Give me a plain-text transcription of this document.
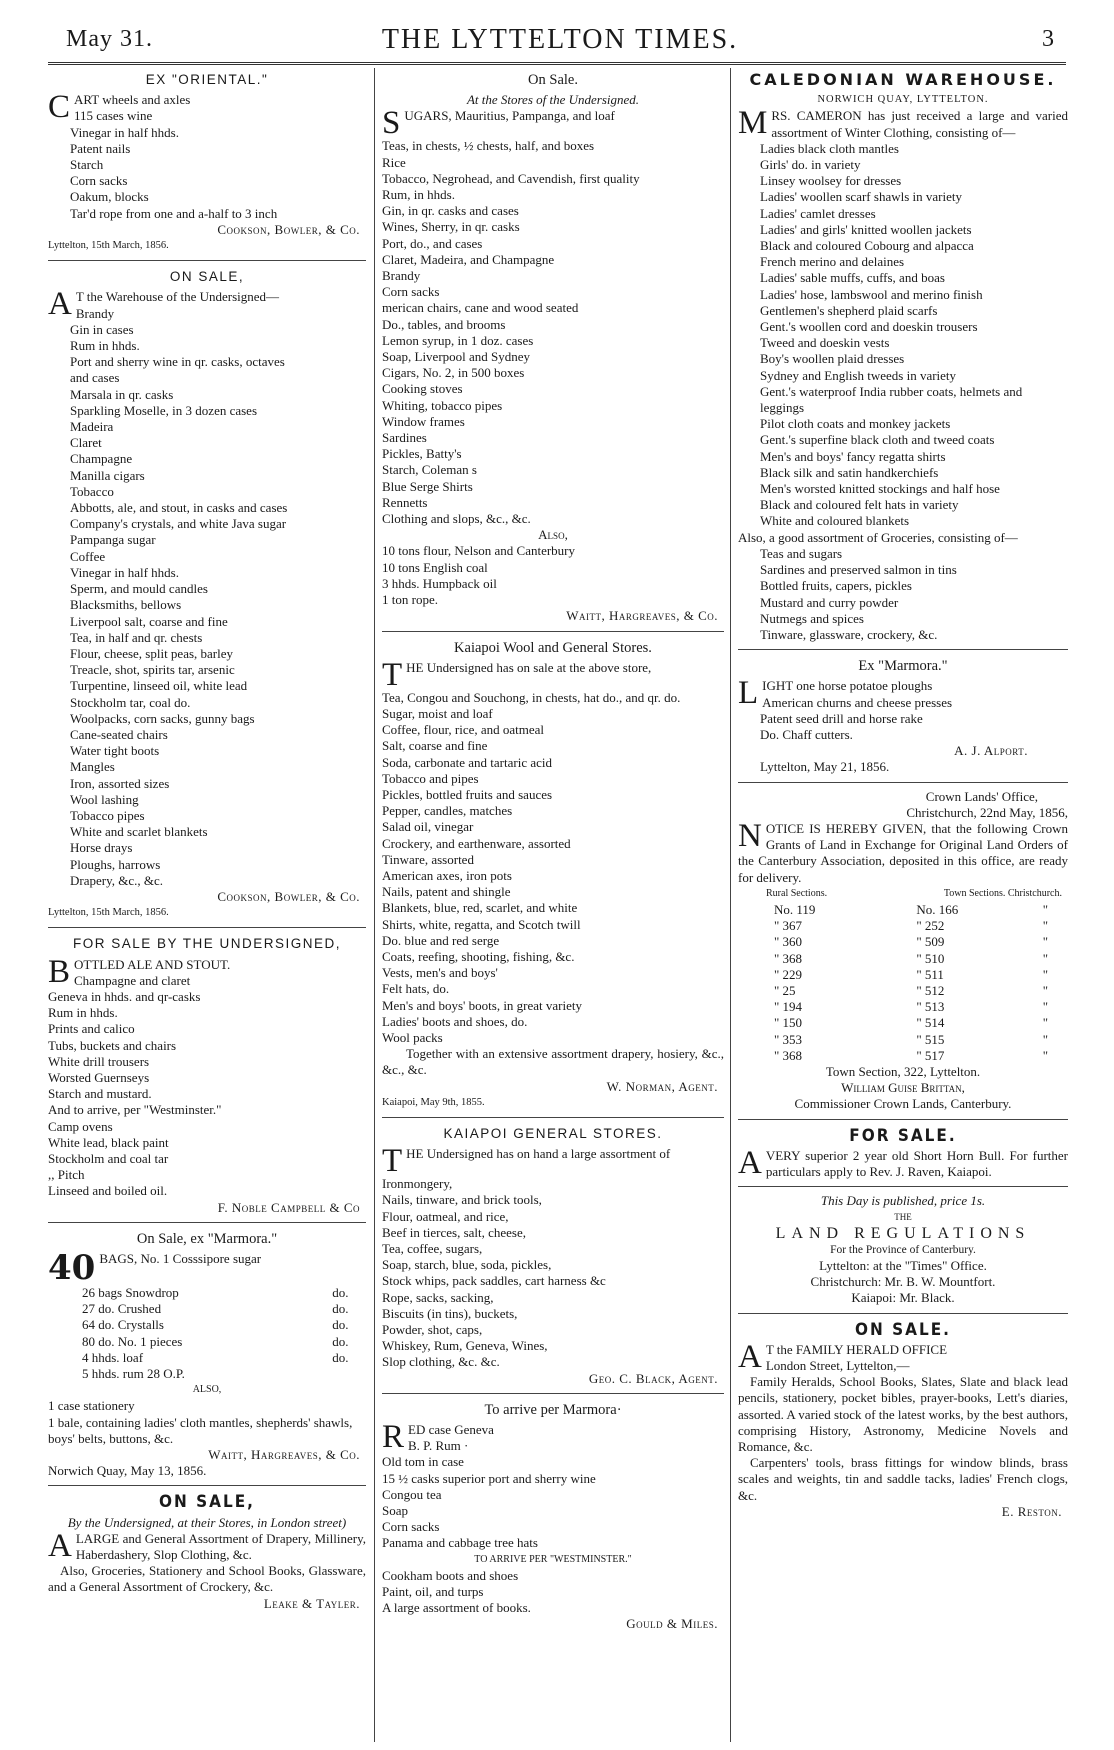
May 31.	THE LYTTELTON TIMES.	3
EX "ORIENTAL."
CART wheels and axles
115 cases wine
Vinegar in half hhds.
Patent nails
Starch
Corn sacks
Oakum, blocks
Tar'd rope from one and a-half to 3 inch
Cookson, Bowler, & Co.
Lyttelton, 15th March, 1856.
ON SALE,
A T the Warehouse of the Undersigned—
Brandy
Gin in cases
Rum in hhds.
Port and sherry wine in qr. casks, octaves
and cases
Marsala in qr. casks
Sparkling Moselle, in 3 dozen cases
Madeira
Claret
Champagne
Manilla cigars
Tobacco
Abbotts, ale, and stout, in casks and cases
Company's crystals, and white Java sugar
Pampanga sugar
Coffee
Vinegar in half hhds.
Sperm, and mould candles
Blacksmiths, bellows
Liverpool salt, coarse and fine
Tea, in half and qr. chests
Flour, cheese, split peas, barley
Treacle, shot, spirits tar, arsenic
Turpentine, linseed oil, white lead
Stockholm tar, coal do.
Woolpacks, corn sacks, gunny bags
Cane-seated chairs
Water tight boots
Mangles
Iron, assorted sizes
Wool lashing
Tobacco pipes
White and scarlet blankets
Horse drays
Ploughs, harrows
Drapery, &c., &c.
Cookson, Bowler, & Co.
Lyttelton, 15th March, 1856.
FOR SALE BY THE UNDERSIGNED,
BOTTLED ALE AND STOUT.
Champagne and claret
Geneva in hhds. and qr-casks
Rum in hhds.
Prints and calico
Tubs, buckets and chairs
White drill trousers
Worsted Guernseys
Starch and mustard.
And to arrive, per "Westminster."
Camp ovens
White lead, black paint
Stockholm and coal tar
,, Pitch
Linseed and boiled oil.
F. Noble Campbell & Co
On Sale, ex "Marmora."
40 BAGS, No. 1 Cosssipore sugar
26 bags Snowdrop	do.
27 do. Crushed	do.
64 do. Crystalls	do.
80 do. No. 1 pieces	do.
4 hhds. loaf	do.
5 hhds. rum 28 O.P.	
ALSO,
1 case stationery
1 bale, containing ladies' cloth mantles, shepherds' shawls, boys' belts, buttons, &c.
Waitt, Hargreaves, & Co.
Norwich Quay, May 13, 1856.
ON SALE,
By the Undersigned, at their Stores, in London street)
ALARGE and General Assortment of Drapery, Millinery, Haberdashery, Slop Clothing, &c.
Also, Groceries, Stationery and School Books, Glassware, and a General Assortment of Crockery, &c.
Leake & Tayler.
On Sale.
At the Stores of the Undersigned.
SUGARS, Mauritius, Pampanga, and loaf
Teas, in chests, ½ chests, half, and boxes
Rice
Tobacco, Negrohead, and Cavendish, first quality
Rum, in hhds.
Gin, in qr. casks and cases
Wines, Sherry, in qr. casks
Port, do., and cases
Claret, Madeira, and Champagne
Brandy
Corn sacks
merican chairs, cane and wood seated
Do., tables, and brooms
Lemon syrup, in 1 doz. cases
Soap, Liverpool and Sydney
Cigars, No. 2, in 500 boxes
Cooking stoves
Whiting, tobacco pipes
Window frames
Sardines
Pickles, Batty's
Starch, Coleman s
Blue Serge Shirts
Rennetts
Clothing and slops, &c., &c.
Also,
10 tons flour, Nelson and Canterbury
10 tons English coal
3 hhds. Humpback oil
1 ton rope.
Waitt, Hargreaves, & Co.
Kaiapoi Wool and General Stores.
THE Undersigned has on sale at the above store,
Tea, Congou and Souchong, in chests, hat do., and qr. do.
Sugar, moist and loaf
Coffee, flour, rice, and oatmeal
Salt, coarse and fine
Soda, carbonate and tartaric acid
Tobacco and pipes
Pickles, bottled fruits and sauces
Pepper, candles, matches
Salad oil, vinegar
Crockery, and earthenware, assorted
Tinware, assorted
American axes, iron pots
Nails, patent and shingle
Blankets, blue, red, scarlet, and white
Shirts, white, regatta, and Scotch twill
Do. blue and red serge
Coats, reefing, shooting, fishing, &c.
Vests, men's and boys'
Felt hats, do.
Men's and boys' boots, in great variety
Ladies' boots and shoes, do.
Wool packs
Together with an extensive assortment drapery, hosiery, &c., &c., &c.
W. Norman, Agent.
Kaiapoi, May 9th, 1855.
KAIAPOI GENERAL STORES.
THE Undersigned has on hand a large assortment of
Ironmongery,
Nails, tinware, and brick tools,
Flour, oatmeal, and rice,
Beef in tierces, salt, cheese,
Tea, coffee, sugars,
Soap, starch, blue, soda, pickles,
Stock whips, pack saddles, cart harness &c
Rope, sacks, sacking,
Biscuits (in tins), buckets,
Powder, shot, caps,
Whiskey, Rum, Geneva, Wines,
Slop clothing, &c. &c.
Geo. C. Black, Agent.
To arrive per Marmora·
RED case Geneva
B. P. Rum ·
Old tom in case
15 ½ casks superior port and sherry wine
Congou tea
Soap
Corn sacks
Panama and cabbage tree hats
TO ARRIVE PER "WESTMINSTER."
Cookham boots and shoes
Paint, oil, and turps
A large assortment of books.
Gould & Miles.
CALEDONIAN WAREHOUSE.
NORWICH QUAY, LYTTELTON.
MRS. CAMERON has just received a large and varied assortment of Winter Clothing, consisting of—
Ladies black cloth mantles
Girls' do. in variety
Linsey woolsey for dresses
Ladies' woollen scarf shawls in variety
Ladies' camlet dresses
Ladies' and girls' knitted woollen jackets
Black and coloured Cobourg and alpacca
French merino and delaines
Ladies' sable muffs, cuffs, and boas
Ladies' hose, lambswool and merino finish
Gentlemen's shepherd plaid scarfs
Gent.'s woollen cord and doeskin trousers
Tweed and doeskin vests
Boy's woollen plaid dresses
Sydney and English tweeds in variety
Gent.'s waterproof India rubber coats, helmets and leggings
Pilot cloth coats and monkey jackets
Gent.'s superfine black cloth and tweed coats
Men's and boys' fancy regatta shirts
Black silk and satin handkerchiefs
Men's worsted knitted stockings and half hose
Black and coloured felt hats in variety
White and coloured blankets
Also, a good assortment of Groceries, consisting of—
Teas and sugars
Sardines and preserved salmon in tins
Bottled fruits, capers, pickles
Mustard and curry powder
Nutmegs and spices
Tinware, glassware, crockery, &c.
Ex "Marmora."
LIGHT one horse potatoe ploughs
American churns and cheese presses
Patent seed drill and horse rake
Do. Chaff cutters.
A. J. Alport.
Lyttelton, May 21, 1856.
Crown Lands' Office,
Christchurch, 22nd May, 1856,
NOTICE IS HEREBY GIVEN, that the following Crown Grants of Land in Exchange for Original Land Orders of the Canterbury Association, deposited in this office, are ready for delivery.
Rural Sections.	Town Sections. Christchurch.
No. 119	No. 166	"
" 367	" 252	"
" 360	" 509	"
" 368	" 510	"
" 229	" 511	"
" 25	" 512	"
" 194	" 513	"
" 150	" 514	"
" 353	" 515	"
" 368	" 517	"
Town Section, 322, Lyttelton.
William Guise Brittan,
Commissioner Crown Lands, Canterbury.
FOR SALE.
AVERY superior 2 year old Short Horn Bull. For further particulars apply to Rev. J. Raven, Kaiapoi.
This Day is published, price 1s.
THE
LAND REGULATIONS
For the Province of Canterbury.
Lyttelton: at the "Times" Office.
Christchurch: Mr. B. W. Mountfort.
Kaiapoi: Mr. Black.
ON SALE.
A T the FAMILY HERALD OFFICE
London Street, Lyttelton,—
Family Heralds, School Books, Slates, Slate and black lead pencils, stationery, pocket bibles, prayer-books, Lett's diaries, assorted. A varied stock of the latest works, by the best authors, comprising History, Astronomy, Medicine Novels and Romance, &c.
Carpenters' tools, brass fittings for window blinds, brass scales and weights, tin and saddle tacks, ladies' French clogs, &c.
E. Reston.
